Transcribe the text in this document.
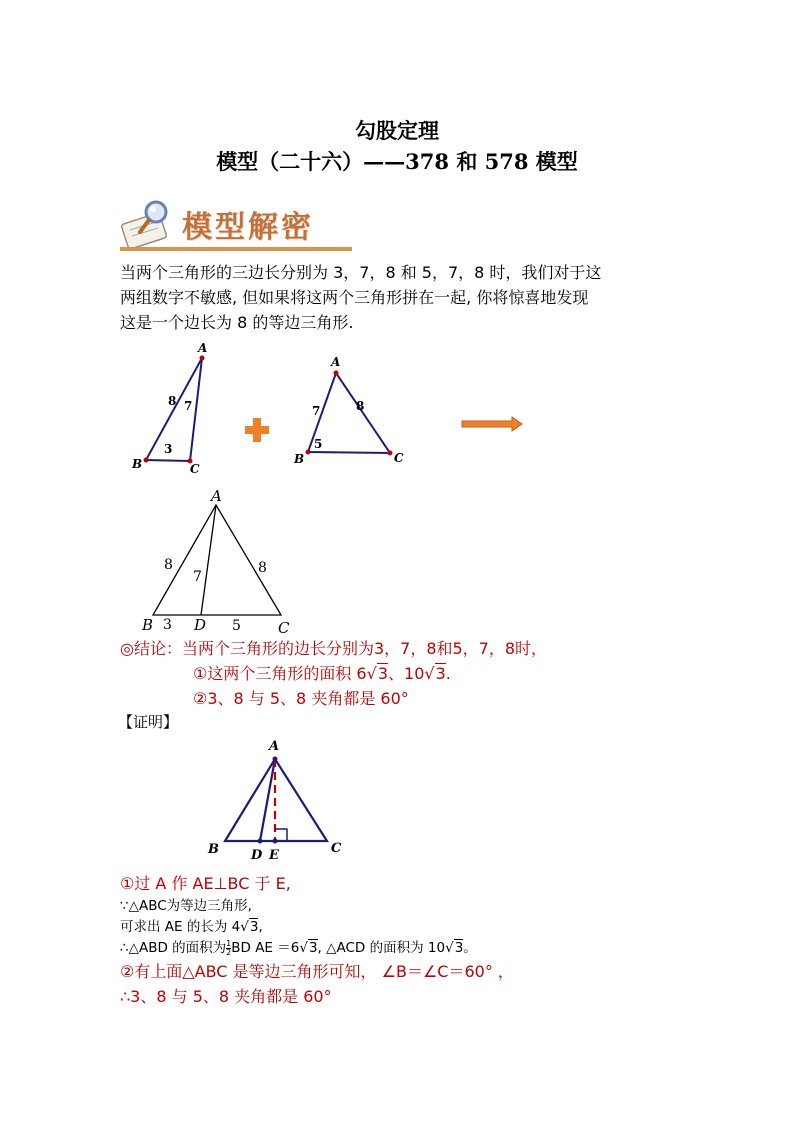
勾股定理
模型（二十六）——378 和 578 模型
模型解密
当两个三角形的三边长分别为 3，7，8 和 5，7，8 时，我们对于这
两组数字不敏感, 但如果将这两个三角形拼在一起, 你将惊喜地发现
这是一个边长为 8 的等边三角形.
A
B	C
8 7
3
A
B	C
7	8
5
A
B	D	C
8
7
8
3	5
◎结论：当两个三角形的边长分别为3，7，8和5，7，8时，
①这两个三角形的面积 6√3、10√3.
②3、8 与 5、8 夹角都是 60°
【证明】
A
B D E	C
①过 A 作 AE⊥BC 于 E,
∵△ABC为等边三角形,
可求出 AE 的长为 4√3,
∴△ABD 的面积为 $\frac{1}{2}$ BD AE ＝6√3, △ACD 的面积为 10√3。
②有上面△ABC 是等边三角形可知， ∠B＝∠C＝60° ，
∴3、8 与 5、8 夹角都是 60°
